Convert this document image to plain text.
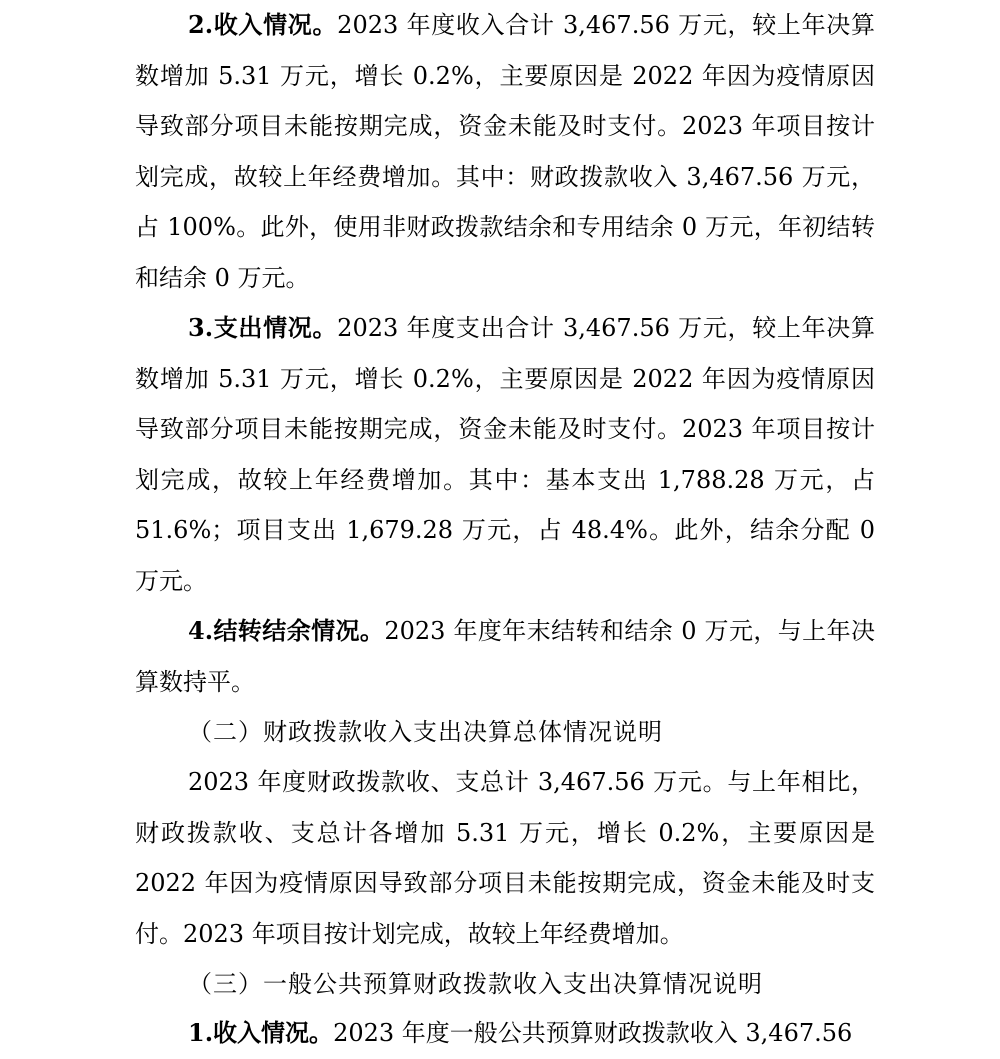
2.收入情况。2023 年度收入合计 3,467.56 万元，较上年决算数增加 5.31 万元，增长 0.2%，主要原因是 2022 年因为疫情原因导致部分项目未能按期完成，资金未能及时支付。2023 年项目按计划完成，故较上年经费增加。其中：财政拨款收入 3,467.56 万元，占 100%。此外，使用非财政拨款结余和专用结余 0 万元，年初结转和结余 0 万元。

3.支出情况。2023 年度支出合计 3,467.56 万元，较上年决算数增加 5.31 万元，增长 0.2%，主要原因是 2022 年因为疫情原因导致部分项目未能按期完成，资金未能及时支付。2023 年项目按计划完成，故较上年经费增加。其中：基本支出 1,788.28 万元，占 51.6%；项目支出 1,679.28 万元，占 48.4%。此外，结余分配 0 万元。

4.结转结余情况。2023 年度年末结转和结余 0 万元，与上年决算数持平。

（二）财政拨款收入支出决算总体情况说明

2023 年度财政拨款收、支总计 3,467.56 万元。与上年相比，财政拨款收、支总计各增加 5.31 万元，增长 0.2%，主要原因是 2022 年因为疫情原因导致部分项目未能按期完成，资金未能及时支付。2023 年项目按计划完成，故较上年经费增加。

（三）一般公共预算财政拨款收入支出决算情况说明

1.收入情况。2023 年度一般公共预算财政拨款收入 3,467.56
